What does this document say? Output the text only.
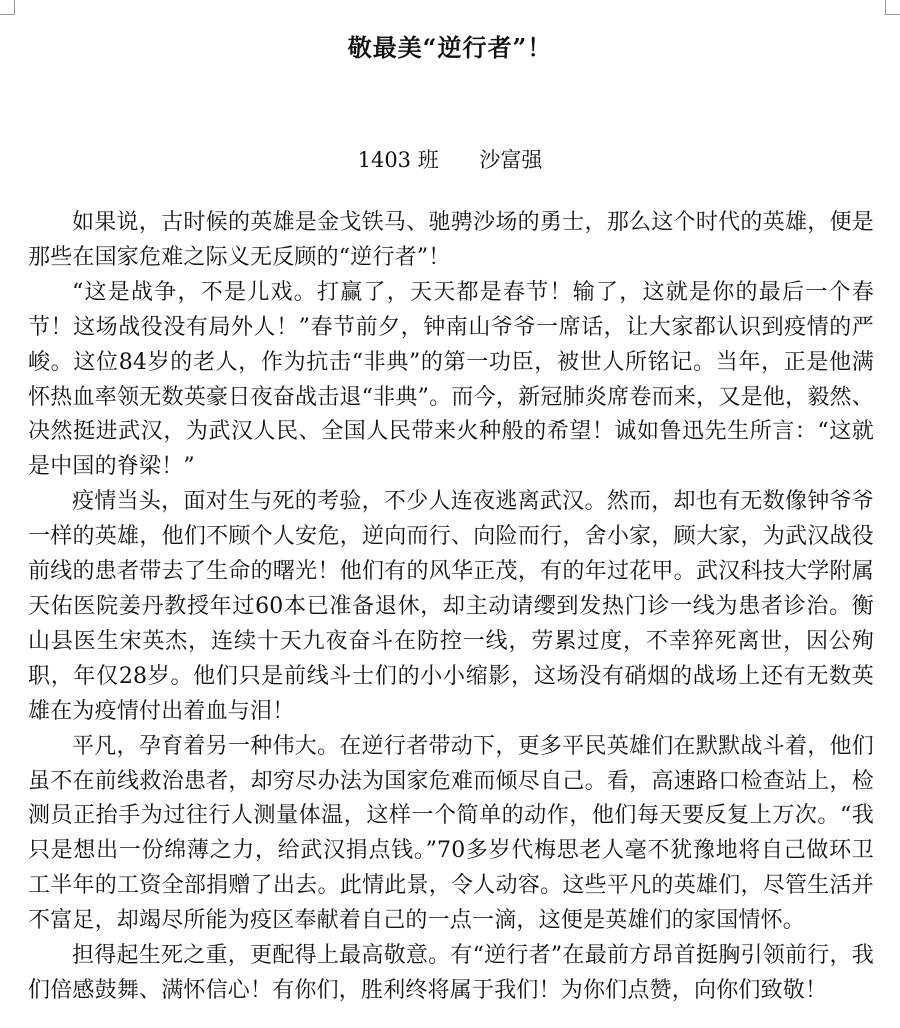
敬最美“逆行者”！
1403 班 沙富强

如果说，古时候的英雄是金戈铁马、驰骋沙场的勇士，那么这个时代的英雄，便是那些在国家危难之际义无反顾的“逆行者”！

“这是战争，不是儿戏。打赢了，天天都是春节！输了，这就是你的最后一个春节！这场战役没有局外人！”春节前夕，钟南山爷爷一席话，让大家都认识到疫情的严峻。这位84岁的老人，作为抗击“非典”的第一功臣，被世人所铭记。当年，正是他满怀热血率领无数英豪日夜奋战击退“非典”。而今，新冠肺炎席卷而来，又是他，毅然、决然挺进武汉，为武汉人民、全国人民带来火种般的希望！诚如鲁迅先生所言：“这就是中国的脊梁！”

疫情当头，面对生与死的考验，不少人连夜逃离武汉。然而，却也有无数像钟爷爷一样的英雄，他们不顾个人安危，逆向而行、向险而行，舍小家，顾大家，为武汉战役前线的患者带去了生命的曙光！他们有的风华正茂，有的年过花甲。武汉科技大学附属天佑医院姜丹教授年过60本已准备退休，却主动请缨到发热门诊一线为患者诊治。衡山县医生宋英杰，连续十天九夜奋斗在防控一线，劳累过度，不幸猝死离世，因公殉职，年仅28岁。他们只是前线斗士们的小小缩影，这场没有硝烟的战场上还有无数英雄在为疫情付出着血与泪！

平凡，孕育着另一种伟大。在逆行者带动下，更多平民英雄们在默默战斗着，他们虽不在前线救治患者，却穷尽办法为国家危难而倾尽自己。看，高速路口检查站上，检测员正抬手为过往行人测量体温，这样一个简单的动作，他们每天要反复上万次。“我只是想出一份绵薄之力，给武汉捐点钱。”70多岁代梅思老人毫不犹豫地将自己做环卫工半年的工资全部捐赠了出去。此情此景，令人动容。这些平凡的英雄们，尽管生活并不富足，却竭尽所能为疫区奉献着自己的一点一滴，这便是英雄们的家国情怀。

担得起生死之重，更配得上最高敬意。有“逆行者”在最前方昂首挺胸引领前行，我们倍感鼓舞、满怀信心！有你们，胜利终将属于我们！为你们点赞，向你们致敬！
